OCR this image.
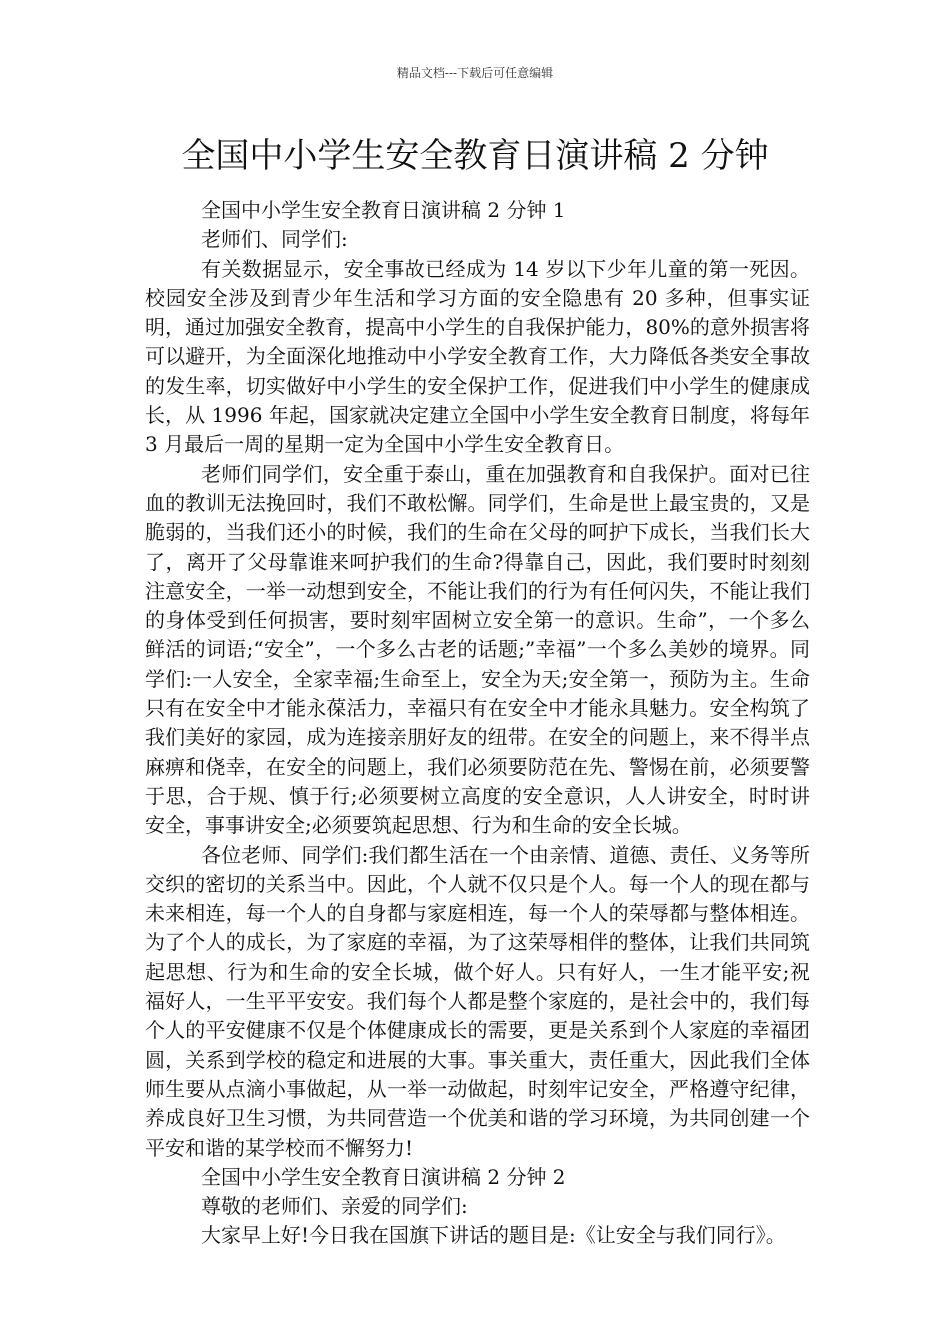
精品文档---下载后可任意编辑
全国中小学生安全教育日演讲稿 2 分钟

全国中小学生安全教育日演讲稿 2 分钟 1

老师们、同学们:

有关数据显示，安全事故已经成为 14 岁以下少年儿童的第一死因。校园安全涉及到青少年生活和学习方面的安全隐患有 20 多种，但事实证明，通过加强安全教育，提高中小学生的自我保护能力，80%的意外损害将可以避开，为全面深化地推动中小学安全教育工作，大力降低各类安全事故的发生率，切实做好中小学生的安全保护工作，促进我们中小学生的健康成长，从 1996 年起，国家就决定建立全国中小学生安全教育日制度，将每年 3 月最后一周的星期一定为全国中小学生安全教育日。

老师们同学们，安全重于泰山，重在加强教育和自我保护。面对已往血的教训无法挽回时，我们不敢松懈。同学们，生命是世上最宝贵的，又是脆弱的，当我们还小的时候，我们的生命在父母的呵护下成长，当我们长大了，离开了父母靠谁来呵护我们的生命?得靠自己，因此，我们要时时刻刻注意安全，一举一动想到安全，不能让我们的行为有任何闪失，不能让我们的身体受到任何损害，要时刻牢固树立安全第一的意识。生命”，一个多么鲜活的词语;“安全”，一个多么古老的话题;”幸福”一个多么美妙的境界。同学们:一人安全，全家幸福;生命至上，安全为天;安全第一，预防为主。生命只有在安全中才能永葆活力，幸福只有在安全中才能永具魅力。安全构筑了我们美好的家园，成为连接亲朋好友的纽带。在安全的问题上，来不得半点麻痹和侥幸，在安全的问题上，我们必须要防范在先、警惕在前，必须要警于思，合于规、慎于行;必须要树立高度的安全意识，人人讲安全，时时讲安全，事事讲安全;必须要筑起思想、行为和生命的安全长城。

各位老师、同学们:我们都生活在一个由亲情、道德、责任、义务等所交织的密切的关系当中。因此，个人就不仅只是个人。每一个人的现在都与未来相连，每一个人的自身都与家庭相连，每一个人的荣辱都与整体相连。为了个人的成长，为了家庭的幸福，为了这荣辱相伴的整体，让我们共同筑起思想、行为和生命的安全长城，做个好人。只有好人，一生才能平安;祝福好人，一生平平安安。我们每个人都是整个家庭的，是社会中的，我们每个人的平安健康不仅是个体健康成长的需要，更是关系到个人家庭的幸福团圆，关系到学校的稳定和进展的大事。事关重大，责任重大，因此我们全体师生要从点滴小事做起，从一举一动做起，时刻牢记安全，严格遵守纪律，养成良好卫生习惯，为共同营造一个优美和谐的学习环境，为共同创建一个平安和谐的某学校而不懈努力!

全国中小学生安全教育日演讲稿 2 分钟 2

尊敬的老师们、亲爱的同学们:

大家早上好!今日我在国旗下讲话的题目是:《让安全与我们同行》。
